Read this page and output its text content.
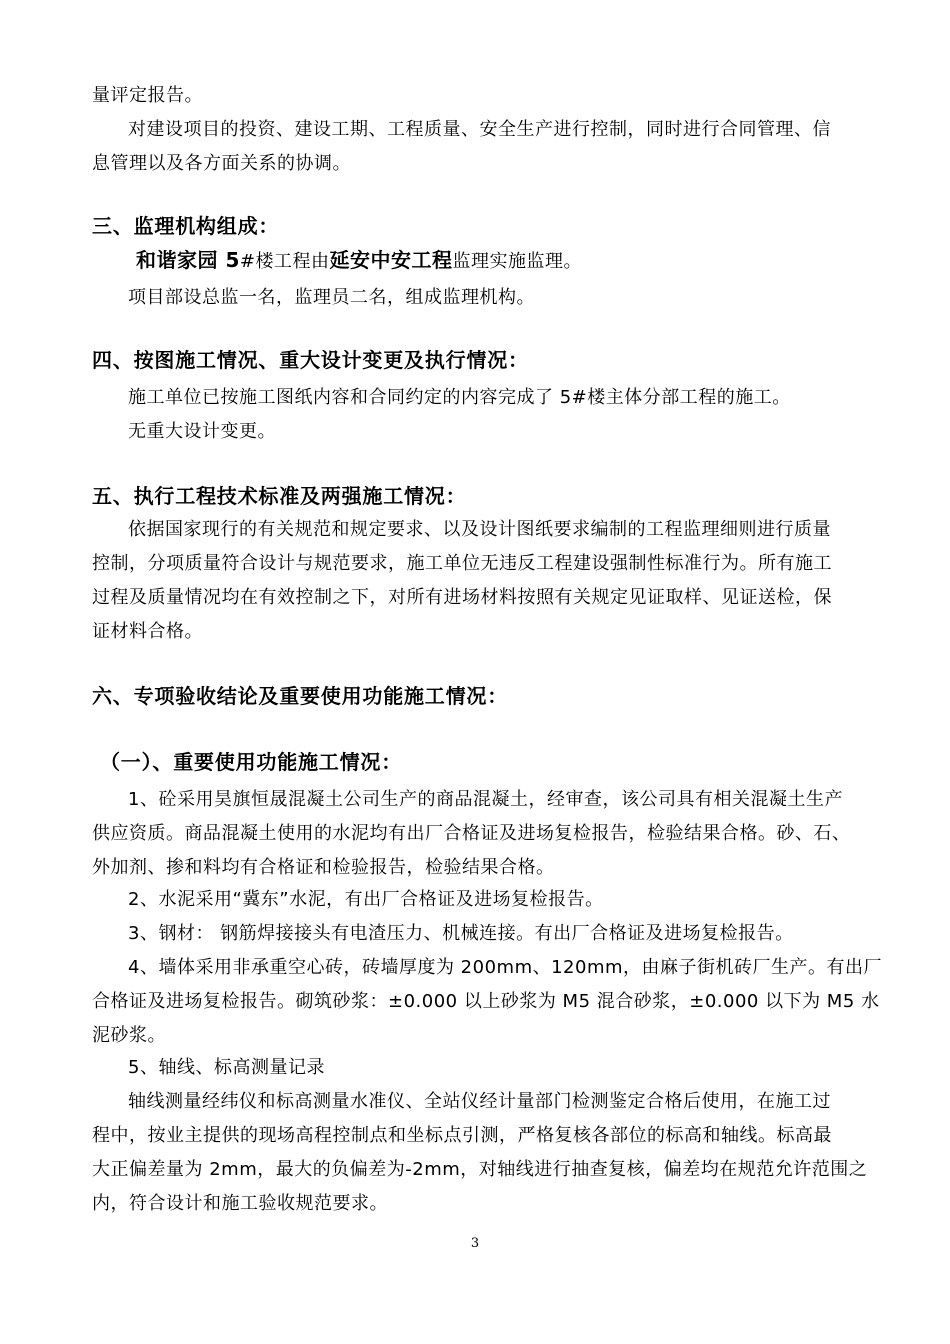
量评定报告。
对建设项目的投资、建设工期、工程质量、安全生产进行控制，同时进行合同管理、信
息管理以及各方面关系的协调。
三、监理机构组成：
和谐家园 5#楼工程由延安中安工程监理实施监理。
项目部设总监一名，监理员二名，组成监理机构。
四、按图施工情况、重大设计变更及执行情况：
施工单位已按施工图纸内容和合同约定的内容完成了 5#楼主体分部工程的施工。
无重大设计变更。
五、执行工程技术标准及两强施工情况：
依据国家现行的有关规范和规定要求、以及设计图纸要求编制的工程监理细则进行质量
控制，分项质量符合设计与规范要求，施工单位无违反工程建设强制性标准行为。所有施工
过程及质量情况均在有效控制之下，对所有进场材料按照有关规定见证取样、见证送检，保
证材料合格。
六、专项验收结论及重要使用功能施工情况：
（一）、重要使用功能施工情况：
1、砼采用昊旗恒晟混凝土公司生产的商品混凝土，经审查，该公司具有相关混凝土生产
供应资质。商品混凝土使用的水泥均有出厂合格证及进场复检报告，检验结果合格。砂、石、
外加剂、掺和料均有合格证和检验报告，检验结果合格。
2、水泥采用“冀东”水泥，有出厂合格证及进场复检报告。
3、钢材： 钢筋焊接接头有电渣压力、机械连接。有出厂合格证及进场复检报告。
4、墙体采用非承重空心砖，砖墙厚度为 200mm、120mm，由麻子街机砖厂生产。有出厂
合格证及进场复检报告。砌筑砂浆：±0.000 以上砂浆为 M5 混合砂浆，±0.000 以下为 M5 水
泥砂浆。
5、轴线、标高测量记录
轴线测量经纬仪和标高测量水准仪、全站仪经计量部门检测鉴定合格后使用，在施工过
程中，按业主提供的现场高程控制点和坐标点引测，严格复核各部位的标高和轴线。标高最
大正偏差量为 2mm，最大的负偏差为-2mm，对轴线进行抽查复核，偏差均在规范允许范围之
内，符合设计和施工验收规范要求。
3
